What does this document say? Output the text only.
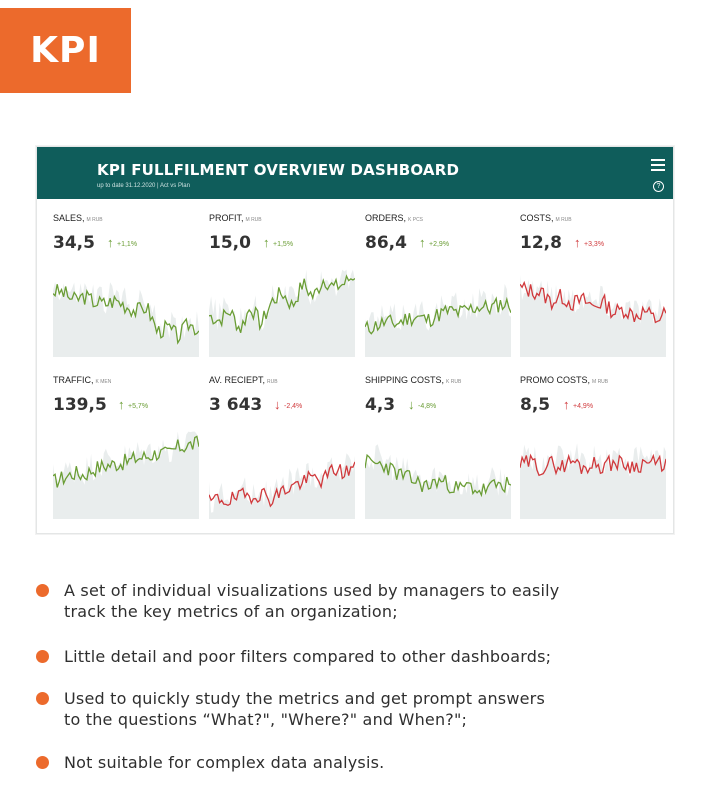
KPI
KPI FULLFILMENT OVERVIEW DASHBOARD
up to date 31.12.2020 | Act vs Plan	?
SALES, M RUB
34,5 ↑ +1,1%
PROFIT, M RUB
15,0 ↑ +1,5%
ORDERS, K PCS
86,4 ↑ +2,9%
COSTS, M RUB
12,8 ↑ +3,3%
TRAFFIC, K MEN
139,5 ↑ +5,7%
AV. RECIEPT, RUB
3 643 ↓ -2,4%
SHIPPING COSTS, K RUB
4,3 ↓ -4,8%
PROMO COSTS, M RUB
8,5 ↑ +4,9%
A set of individual visualizations used by managers to easily
track the key metrics of an organization;
Little detail and poor filters compared to other dashboards;
Used to quickly study the metrics and get prompt answers
to the questions “What?", "Where?" and When?";
Not suitable for complex data analysis.
